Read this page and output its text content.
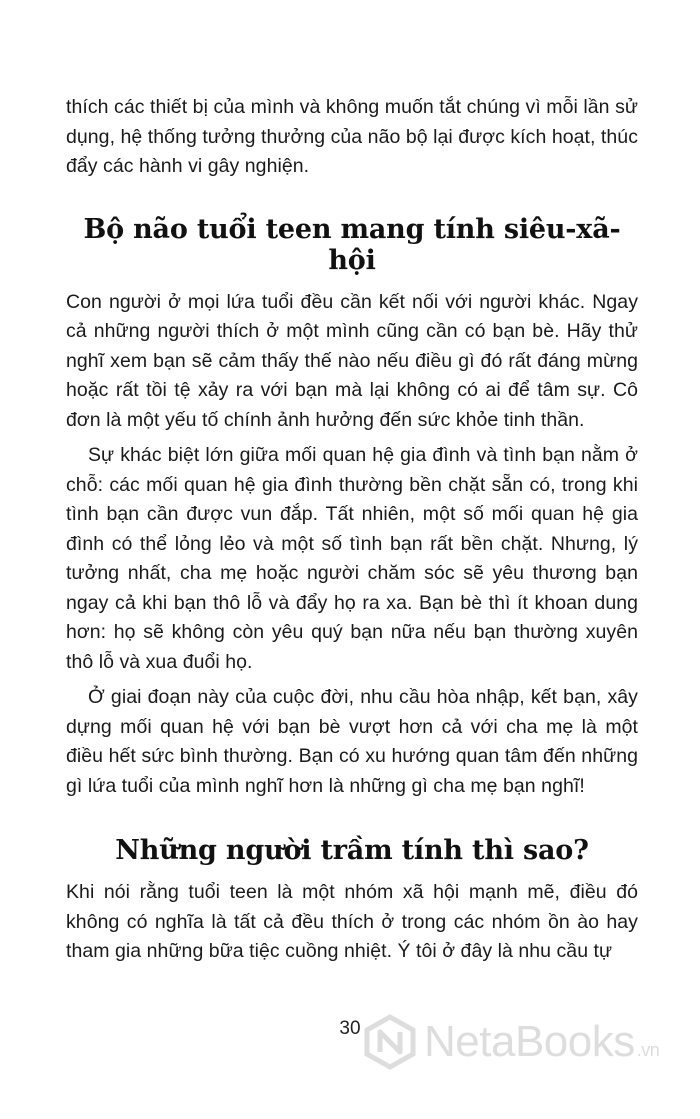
thích các thiết bị của mình và không muốn tắt chúng vì mỗi lần sử dụng, hệ thống tưởng thưởng của não bộ lại được kích hoạt, thúc đẩy các hành vi gây nghiện.

Bộ não tuổi teen mang tính siêu-xã-hội

Con người ở mọi lứa tuổi đều cần kết nối với người khác. Ngay cả những người thích ở một mình cũng cần có bạn bè. Hãy thử nghĩ xem bạn sẽ cảm thấy thế nào nếu điều gì đó rất đáng mừng hoặc rất tồi tệ xảy ra với bạn mà lại không có ai để tâm sự. Cô đơn là một yếu tố chính ảnh hưởng đến sức khỏe tinh thần.

Sự khác biệt lớn giữa mối quan hệ gia đình và tình bạn nằm ở chỗ: các mối quan hệ gia đình thường bền chặt sẵn có, trong khi tình bạn cần được vun đắp. Tất nhiên, một số mối quan hệ gia đình có thể lỏng lẻo và một số tình bạn rất bền chặt. Nhưng, lý tưởng nhất, cha mẹ hoặc người chăm sóc sẽ yêu thương bạn ngay cả khi bạn thô lỗ và đẩy họ ra xa. Bạn bè thì ít khoan dung hơn: họ sẽ không còn yêu quý bạn nữa nếu bạn thường xuyên thô lỗ và xua đuổi họ.

Ở giai đoạn này của cuộc đời, nhu cầu hòa nhập, kết bạn, xây dựng mối quan hệ với bạn bè vượt hơn cả với cha mẹ là một điều hết sức bình thường. Bạn có xu hướng quan tâm đến những gì lứa tuổi của mình nghĩ hơn là những gì cha mẹ bạn nghĩ!

Những người trầm tính thì sao?

Khi nói rằng tuổi teen là một nhóm xã hội mạnh mẽ, điều đó không có nghĩa là tất cả đều thích ở trong các nhóm ồn ào hay tham gia những bữa tiệc cuồng nhiệt. Ý tôi ở đây là nhu cầu tự

30	NetaBooks .vn
